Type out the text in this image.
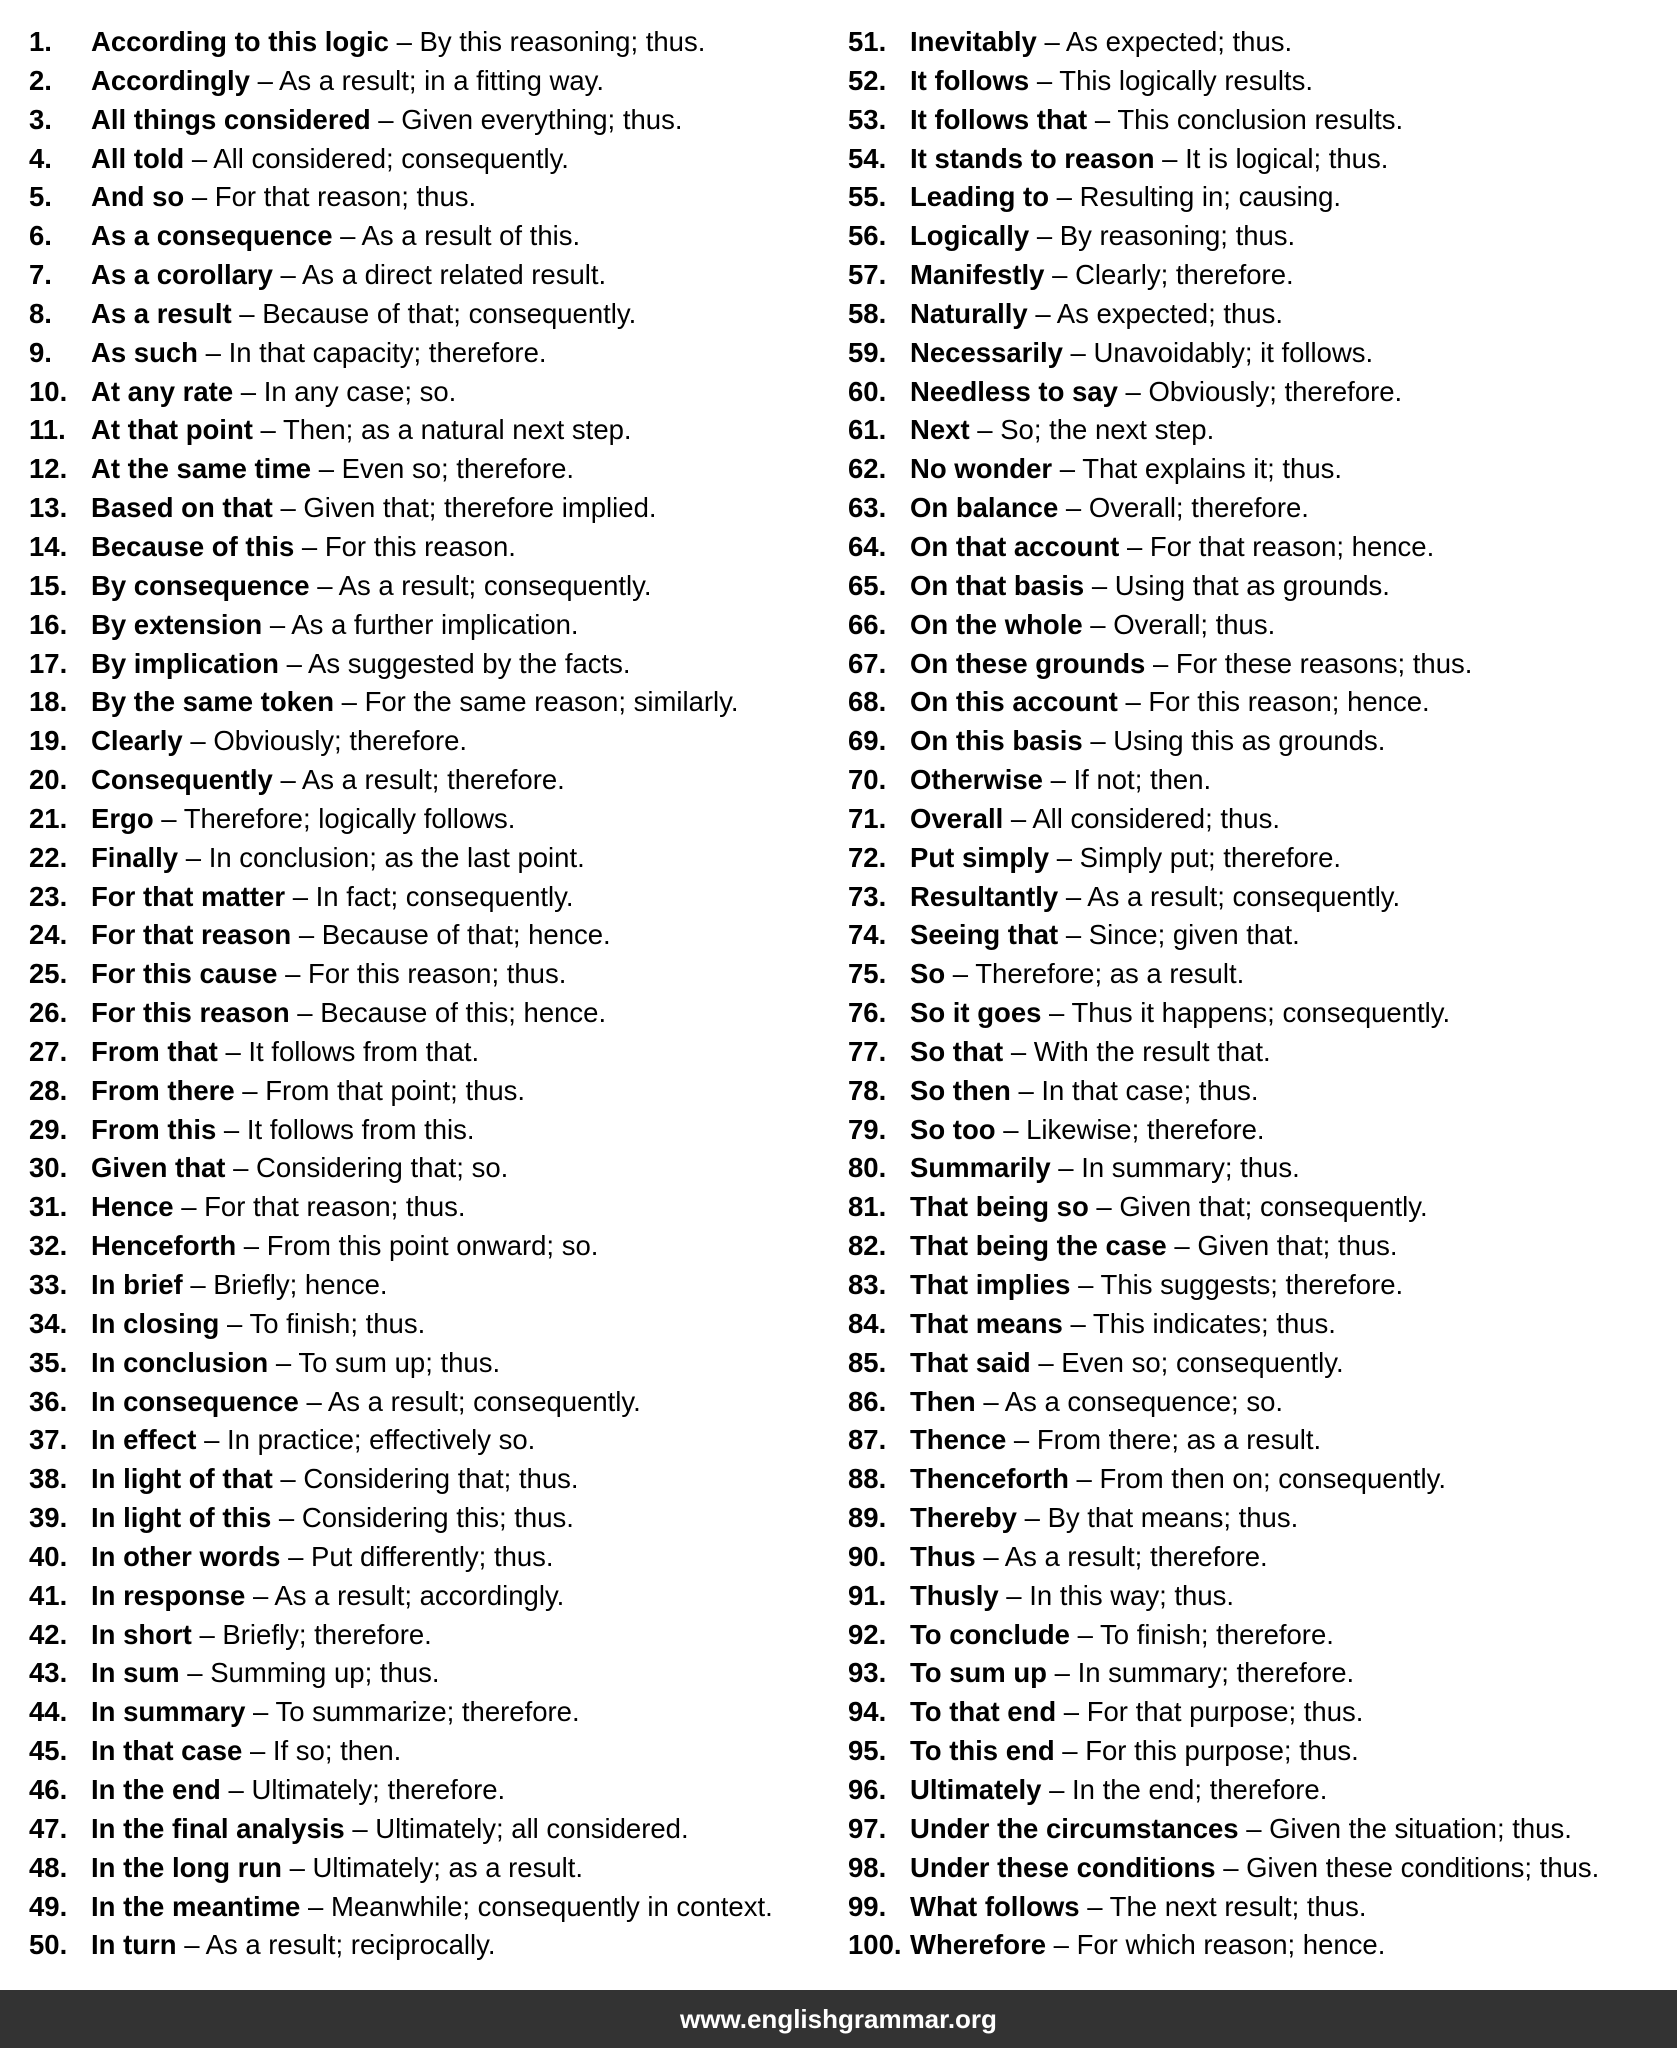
1. According to this logic – By this reasoning; thus.
2. Accordingly – As a result; in a fitting way.
3. All things considered – Given everything; thus.
4. All told – All considered; consequently.
5. And so – For that reason; thus.
6. As a consequence – As a result of this.
7. As a corollary – As a direct related result.
8. As a result – Because of that; consequently.
9. As such – In that capacity; therefore.
10. At any rate – In any case; so.
11. At that point – Then; as a natural next step.
12. At the same time – Even so; therefore.
13. Based on that – Given that; therefore implied.
14. Because of this – For this reason.
15. By consequence – As a result; consequently.
16. By extension – As a further implication.
17. By implication – As suggested by the facts.
18. By the same token – For the same reason; similarly.
19. Clearly – Obviously; therefore.
20. Consequently – As a result; therefore.
21. Ergo – Therefore; logically follows.
22. Finally – In conclusion; as the last point.
23. For that matter – In fact; consequently.
24. For that reason – Because of that; hence.
25. For this cause – For this reason; thus.
26. For this reason – Because of this; hence.
27. From that – It follows from that.
28. From there – From that point; thus.
29. From this – It follows from this.
30. Given that – Considering that; so.
31. Hence – For that reason; thus.
32. Henceforth – From this point onward; so.
33. In brief – Briefly; hence.
34. In closing – To finish; thus.
35. In conclusion – To sum up; thus.
36. In consequence – As a result; consequently.
37. In effect – In practice; effectively so.
38. In light of that – Considering that; thus.
39. In light of this – Considering this; thus.
40. In other words – Put differently; thus.
41. In response – As a result; accordingly.
42. In short – Briefly; therefore.
43. In sum – Summing up; thus.
44. In summary – To summarize; therefore.
45. In that case – If so; then.
46. In the end – Ultimately; therefore.
47. In the final analysis – Ultimately; all considered.
48. In the long run – Ultimately; as a result.
49. In the meantime – Meanwhile; consequently in context.
50. In turn – As a result; reciprocally.
51. Inevitably – As expected; thus.
52. It follows – This logically results.
53. It follows that – This conclusion results.
54. It stands to reason – It is logical; thus.
55. Leading to – Resulting in; causing.
56. Logically – By reasoning; thus.
57. Manifestly – Clearly; therefore.
58. Naturally – As expected; thus.
59. Necessarily – Unavoidably; it follows.
60. Needless to say – Obviously; therefore.
61. Next – So; the next step.
62. No wonder – That explains it; thus.
63. On balance – Overall; therefore.
64. On that account – For that reason; hence.
65. On that basis – Using that as grounds.
66. On the whole – Overall; thus.
67. On these grounds – For these reasons; thus.
68. On this account – For this reason; hence.
69. On this basis – Using this as grounds.
70. Otherwise – If not; then.
71. Overall – All considered; thus.
72. Put simply – Simply put; therefore.
73. Resultantly – As a result; consequently.
74. Seeing that – Since; given that.
75. So – Therefore; as a result.
76. So it goes – Thus it happens; consequently.
77. So that – With the result that.
78. So then – In that case; thus.
79. So too – Likewise; therefore.
80. Summarily – In summary; thus.
81. That being so – Given that; consequently.
82. That being the case – Given that; thus.
83. That implies – This suggests; therefore.
84. That means – This indicates; thus.
85. That said – Even so; consequently.
86. Then – As a consequence; so.
87. Thence – From there; as a result.
88. Thenceforth – From then on; consequently.
89. Thereby – By that means; thus.
90. Thus – As a result; therefore.
91. Thusly – In this way; thus.
92. To conclude – To finish; therefore.
93. To sum up – In summary; therefore.
94. To that end – For that purpose; thus.
95. To this end – For this purpose; thus.
96. Ultimately – In the end; therefore.
97. Under the circumstances – Given the situation; thus.
98. Under these conditions – Given these conditions; thus.
99. What follows – The next result; thus.
100. Wherefore – For which reason; hence.
www.englishgrammar.org
